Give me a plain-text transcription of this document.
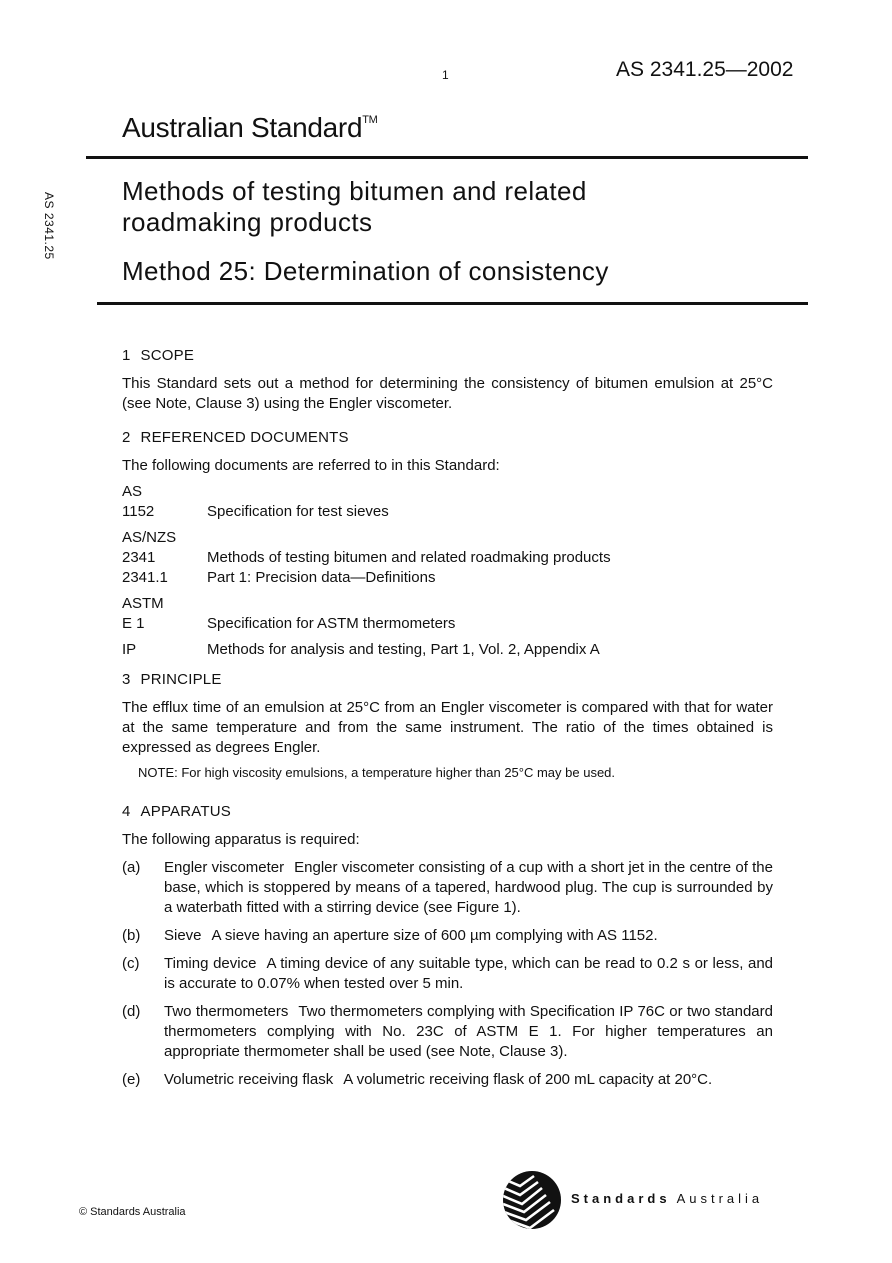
1	AS 2341.25—2002
Australian Standard™
AS 2341.25
Methods of testing bitumen and related
roadmaking products
Method 25: Determination of consistency
1 SCOPE

This Standard sets out a method for determining the consistency of bitumen emulsion at 25°C (see Note, Clause 3) using the Engler viscometer.

2 REFERENCED DOCUMENTS

The following documents are referred to in this Standard:

AS
1152	Specification for test sieves
AS/NZS
2341	Methods of testing bitumen and related roadmaking products
2341.1	Part 1: Precision data—Definitions
ASTM
E 1	Specification for ASTM thermometers
IP	Methods for analysis and testing, Part 1, Vol. 2, Appendix A
3 PRINCIPLE

The efflux time of an emulsion at 25°C from an Engler viscometer is compared with that for water at the same temperature and from the same instrument. The ratio of the times obtained is expressed as degrees Engler.

NOTE: For high viscosity emulsions, a temperature higher than 25°C may be used.

4 APPARATUS

The following apparatus is required:

(a)	Engler viscometer Engler viscometer consisting of a cup with a short jet in the centre of the base, which is stoppered by means of a tapered, hardwood plug. The cup is surrounded by a waterbath fitted with a stirring device (see Figure 1).
(b)	Sieve A sieve having an aperture size of 600 µm complying with AS 1152.
(c)	Timing device A timing device of any suitable type, which can be read to 0.2 s or less, and is accurate to 0.07% when tested over 5 min.
(d)	Two thermometers Two thermometers complying with Specification IP 76C or two standard thermometers complying with No. 23C of ASTM E 1. For higher temperatures an appropriate thermometer shall be used (see Note, Clause 3).
(e)	Volumetric receiving flask A volumetric receiving flask of 200 mL capacity at 20°C.
© Standards Australia
Standards Australia
